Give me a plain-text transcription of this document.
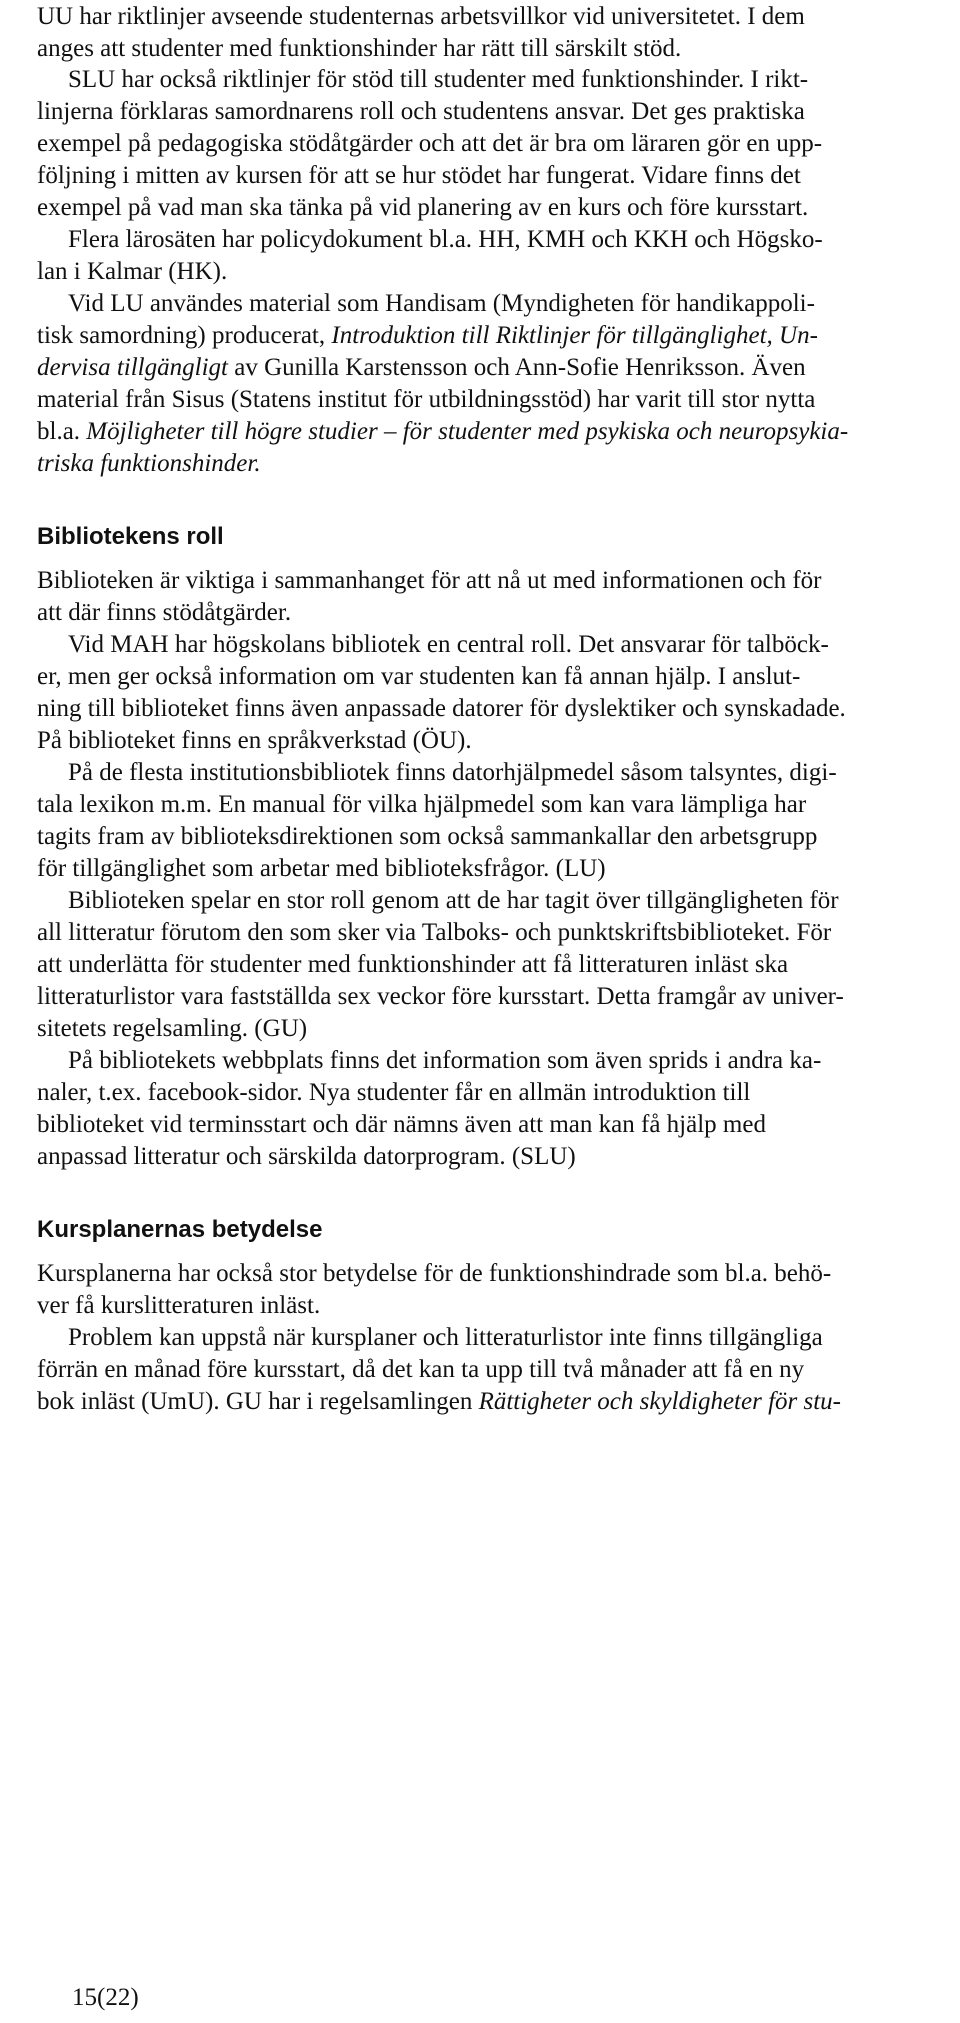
UU har riktlinjer avseende studenternas arbetsvillkor vid universitetet. I dem
anges att studenter med funktionshinder har rätt till särskilt stöd.
SLU har också riktlinjer för stöd till studenter med funktionshinder. I rikt-
linjerna förklaras samordnarens roll och studentens ansvar. Det ges praktiska
exempel på pedagogiska stödåtgärder och att det är bra om läraren gör en upp-
följning i mitten av kursen för att se hur stödet har fungerat. Vidare finns det
exempel på vad man ska tänka på vid planering av en kurs och före kursstart.
Flera lärosäten har policydokument bl.a. HH, KMH och KKH och Högsko-
lan i Kalmar (HK).
Vid LU användes material som Handisam (Myndigheten för handikappoli-
tisk samordning) producerat, Introduktion till Riktlinjer för tillgänglighet, Un-
dervisa tillgängligt av Gunilla Karstensson och Ann-Sofie Henriksson. Även
material från Sisus (Statens institut för utbildningsstöd) har varit till stor nytta
bl.a. Möjligheter till högre studier – för studenter med psykiska och neuropsykia-
triska funktionshinder.
Bibliotekens roll
Biblioteken är viktiga i sammanhanget för att nå ut med informationen och för
att där finns stödåtgärder.
Vid MAH har högskolans bibliotek en central roll. Det ansvarar för talböck-
er, men ger också information om var studenten kan få annan hjälp. I anslut-
ning till biblioteket finns även anpassade datorer för dyslektiker och synskadade.
På biblioteket finns en språkverkstad (ÖU).
På de flesta institutionsbibliotek finns datorhjälpmedel såsom talsyntes, digi-
tala lexikon m.m. En manual för vilka hjälpmedel som kan vara lämpliga har
tagits fram av biblioteksdirektionen som också sammankallar den arbetsgrupp
för tillgänglighet som arbetar med biblioteksfrågor. (LU)
Biblioteken spelar en stor roll genom att de har tagit över tillgängligheten för
all litteratur förutom den som sker via Talboks- och punktskriftsbiblioteket. För
att underlätta för studenter med funktionshinder att få litteraturen inläst ska
litteraturlistor vara fastställda sex veckor före kursstart. Detta framgår av univer-
sitetets regelsamling. (GU)
På bibliotekets webbplats finns det information som även sprids i andra ka-
naler, t.ex. facebook-sidor. Nya studenter får en allmän introduktion till
biblioteket vid terminsstart och där nämns även att man kan få hjälp med
anpassad litteratur och särskilda datorprogram. (SLU)
Kursplanernas betydelse
Kursplanerna har också stor betydelse för de funktionshindrade som bl.a. behö-
ver få kurslitteraturen inläst.
Problem kan uppstå när kursplaner och litteraturlistor inte finns tillgängliga
förrän en månad före kursstart, då det kan ta upp till två månader att få en ny
bok inläst (UmU). GU har i regelsamlingen Rättigheter och skyldigheter för stu-
15(22)
